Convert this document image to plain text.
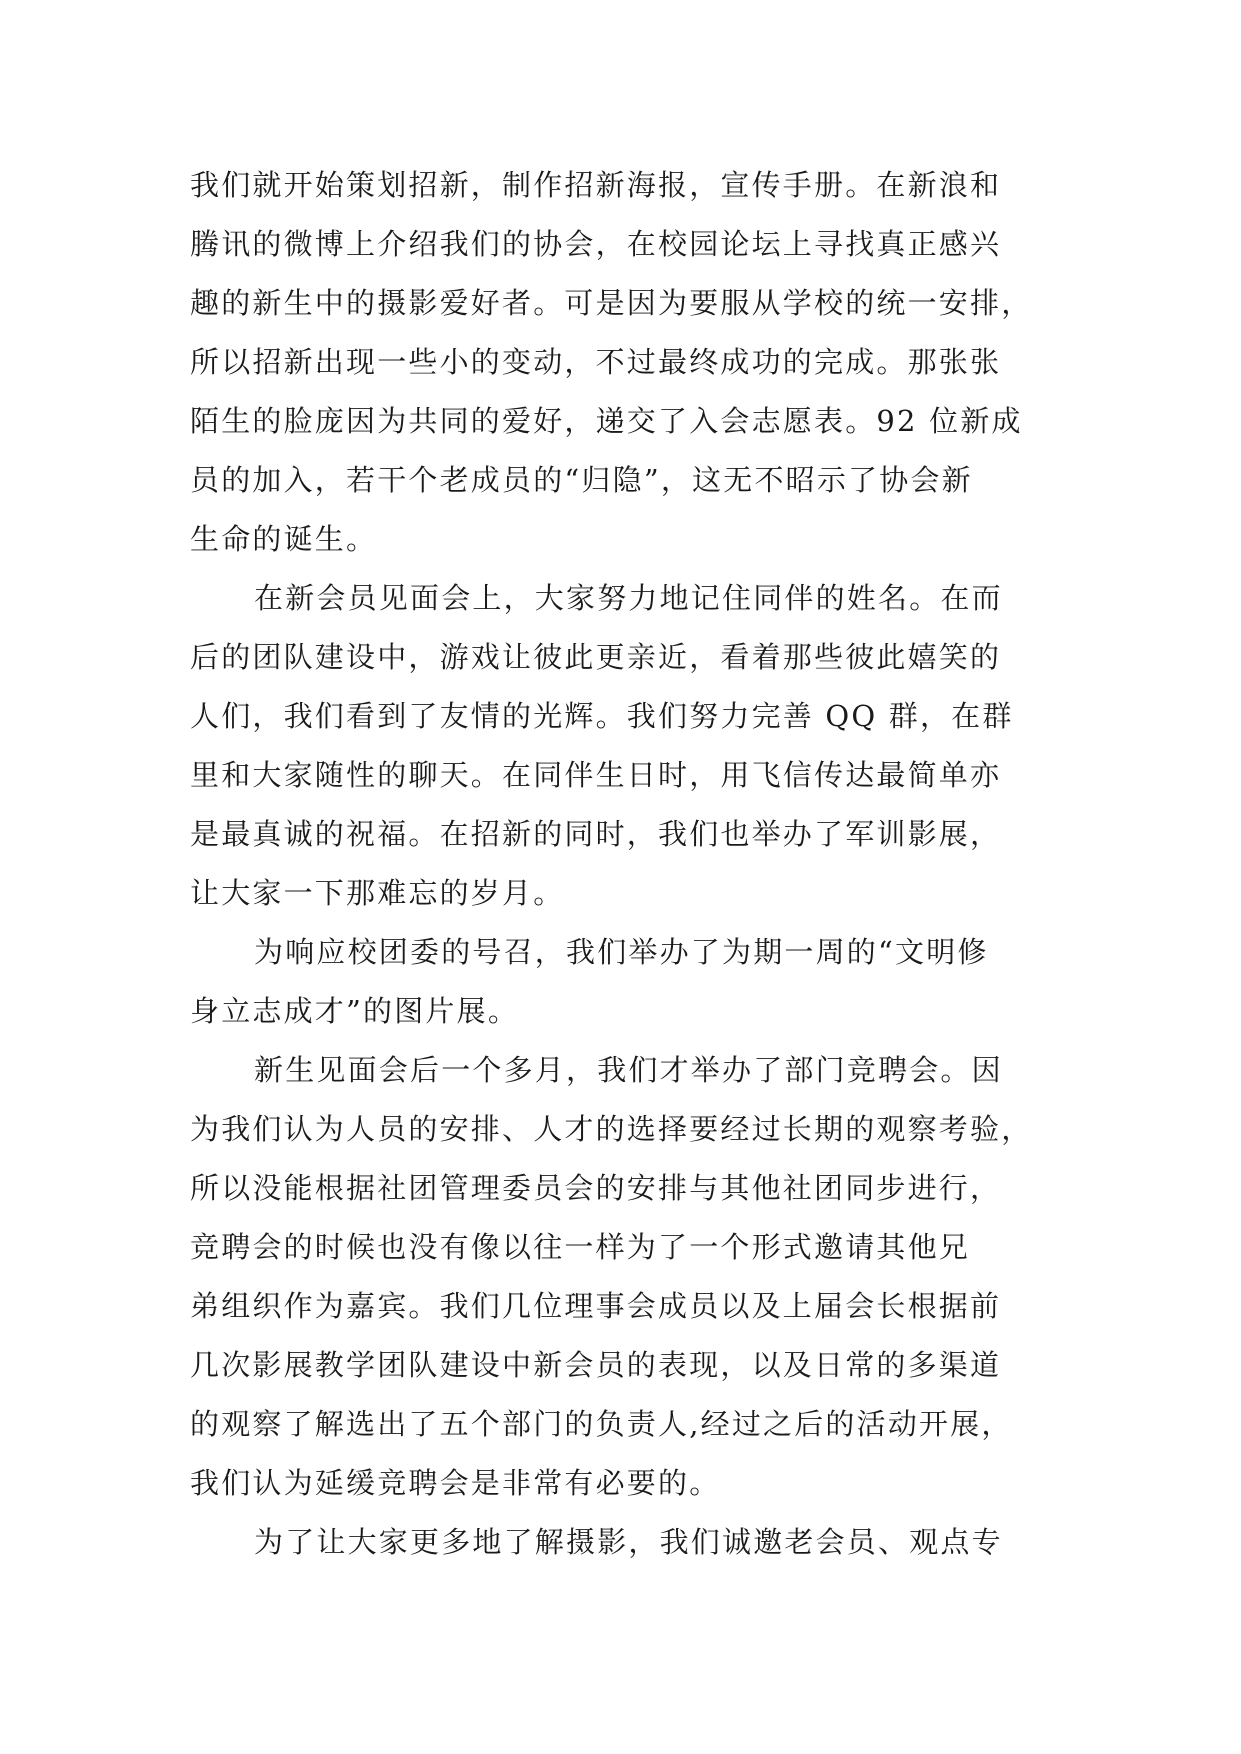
我们就开始策划招新，制作招新海报，宣传手册。在新浪和
腾讯的微博上介绍我们的协会，在校园论坛上寻找真正感兴
趣的新生中的摄影爱好者。可是因为要服从学校的统一安排，
所以招新出现一些小的变动，不过最终成功的完成。那张张
陌生的脸庞因为共同的爱好，递交了入会志愿表。92 位新成
员的加入，若干个老成员的“归隐”，这无不昭示了协会新
生命的诞生。
在新会员见面会上，大家努力地记住同伴的姓名。在而
后的团队建设中，游戏让彼此更亲近，看着那些彼此嬉笑的
人们，我们看到了友情的光辉。我们努力完善 QQ 群，在群
里和大家随性的聊天。在同伴生日时，用飞信传达最简单亦
是最真诚的祝福。在招新的同时，我们也举办了军训影展，
让大家一下那难忘的岁月。
为响应校团委的号召，我们举办了为期一周的“文明修
身立志成才”的图片展。
新生见面会后一个多月，我们才举办了部门竞聘会。因
为我们认为人员的安排、人才的选择要经过长期的观察考验，
所以没能根据社团管理委员会的安排与其他社团同步进行，
竞聘会的时候也没有像以往一样为了一个形式邀请其他兄
弟组织作为嘉宾。我们几位理事会成员以及上届会长根据前
几次影展教学团队建设中新会员的表现，以及日常的多渠道
的观察了解选出了五个部门的负责人,经过之后的活动开展，
我们认为延缓竞聘会是非常有必要的。
为了让大家更多地了解摄影，我们诚邀老会员、观点专
